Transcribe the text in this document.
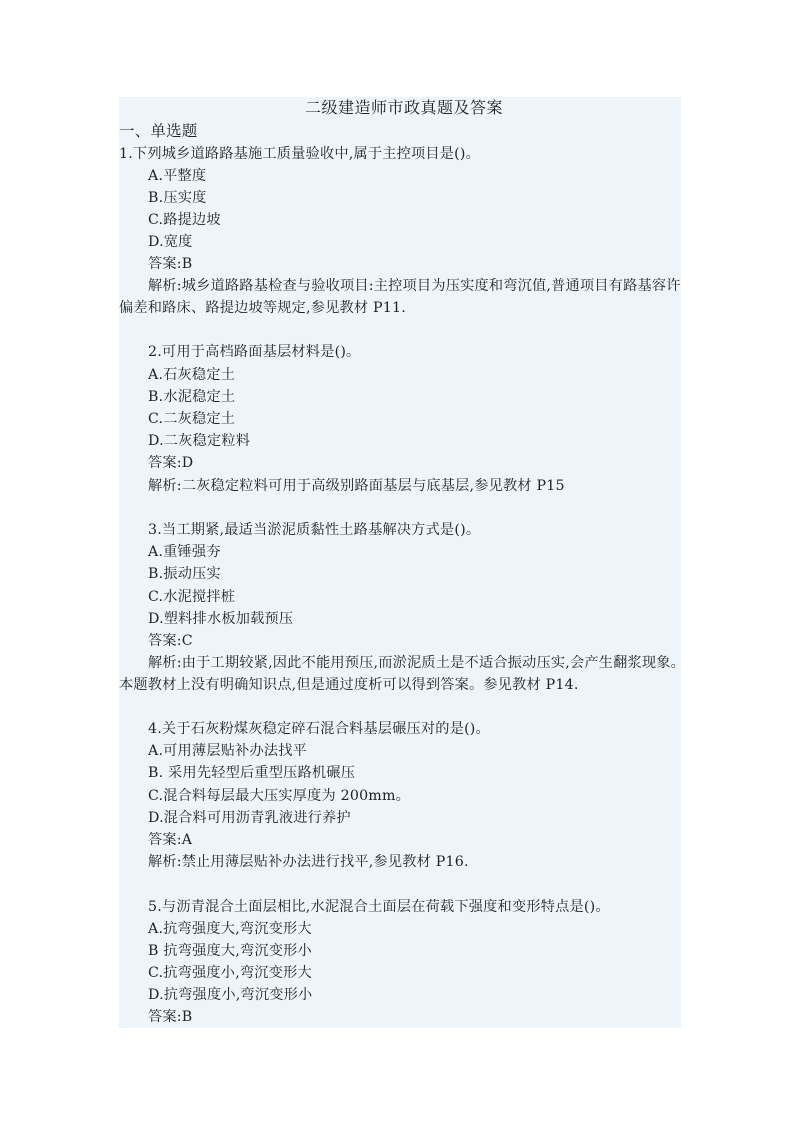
二级建造师市政真题及答案
一、单选题
1.下列城乡道路路基施工质量验收中,属于主控项目是()。
A.平整度
B.压实度
C.路提边坡
D.宽度
答案:B
解析:城乡道路路基检查与验收项目:主控项目为压实度和弯沉值,普通项目有路基容许
偏差和路床、路提边坡等规定,参见教材 P11.
2.可用于高档路面基层材料是()。
A.石灰稳定土
B.水泥稳定土
C.二灰稳定土
D.二灰稳定粒料
答案:D
解析:二灰稳定粒料可用于高级别路面基层与底基层,参见教材 P15
3.当工期紧,最适当淤泥质黏性土路基解决方式是()。
A.重锤强夯
B.振动压实
C.水泥搅拌桩
D.塑料排水板加载预压
答案:C
解析:由于工期较紧,因此不能用预压,而淤泥质土是不适合振动压实,会产生翻浆现象。
本题教材上没有明确知识点,但是通过度析可以得到答案。参见教材 P14.
4.关于石灰粉煤灰稳定碎石混合料基层碾压对的是()。
A.可用薄层贴补办法找平
B. 采用先轻型后重型压路机碾压
C.混合料每层最大压实厚度为 200mm。
D.混合料可用沥青乳液进行养护
答案:A
解析:禁止用薄层贴补办法进行找平,参见教材 P16.
5.与沥青混合土面层相比,水泥混合土面层在荷载下强度和变形特点是()。
A.抗弯强度大,弯沉变形大
B 抗弯强度大,弯沉变形小
C.抗弯强度小,弯沉变形大
D.抗弯强度小,弯沉变形小
答案:B
